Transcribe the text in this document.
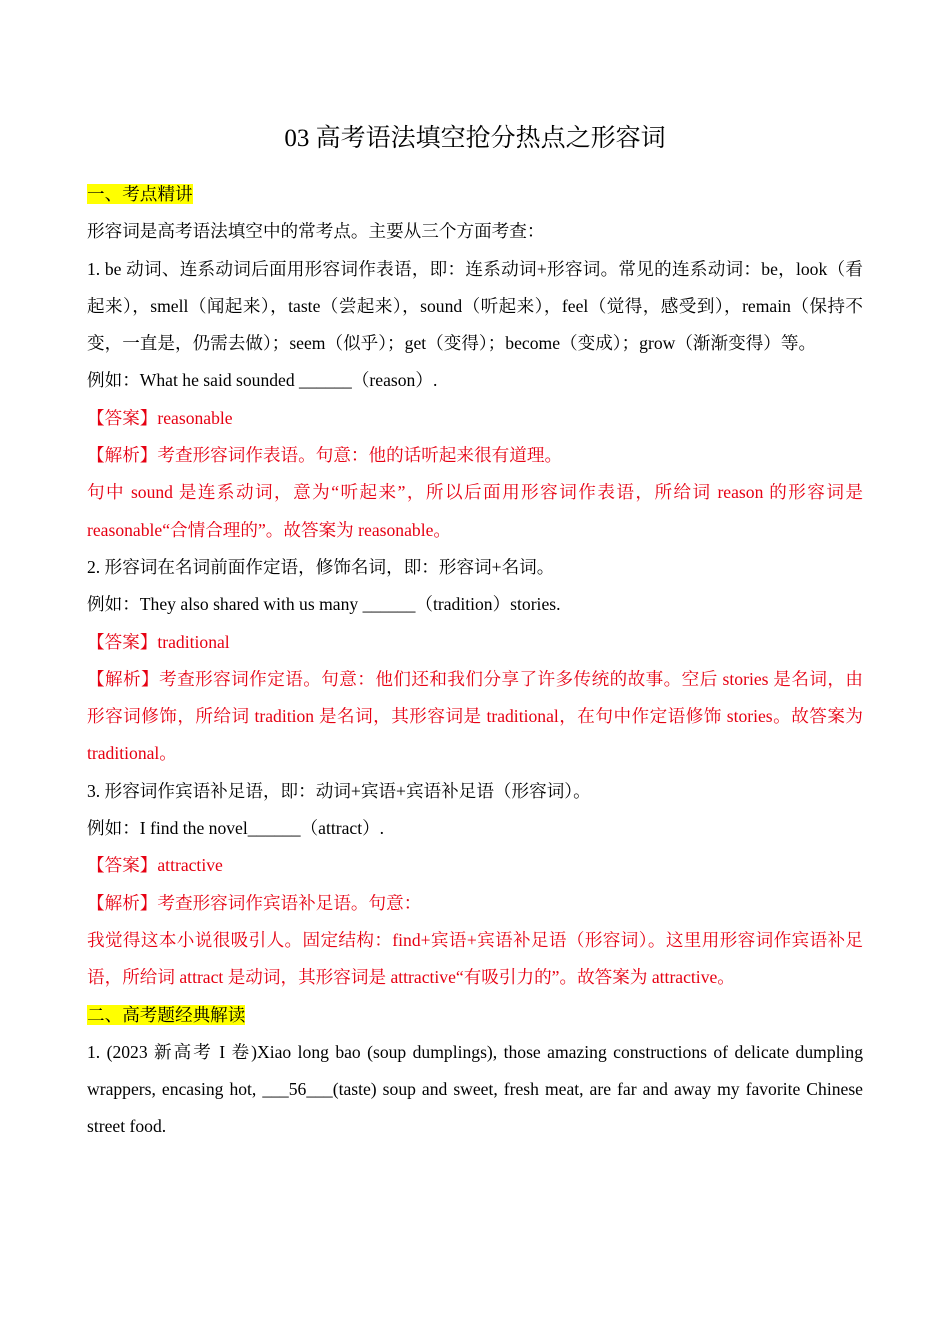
03 高考语法填空抢分热点之形容词

一、考点精讲

形容词是高考语法填空中的常考点。主要从三个方面考查：

1. be 动词、连系动词后面用形容词作表语，即：连系动词+形容词。常见的连系动词：be，look（看起来），smell（闻起来），taste（尝起来），sound（听起来），feel（觉得，感受到），remain（保持不变，一直是，仍需去做）；seem（似乎）；get（变得）；become（变成）；grow（渐渐变得）等。

例如：What he said sounded ______（reason）.

【答案】reasonable

【解析】考查形容词作表语。句意：他的话听起来很有道理。

句中 sound 是连系动词，意为“听起来”，所以后面用形容词作表语，所给词 reason 的形容词是 reasonable“合情合理的”。故答案为 reasonable。

2. 形容词在名词前面作定语，修饰名词，即：形容词+名词。

例如：They also shared with us many ______（tradition）stories.

【答案】traditional

【解析】考查形容词作定语。句意：他们还和我们分享了许多传统的故事。空后 stories 是名词，由形容词修饰，所给词 tradition 是名词，其形容词是 traditional，在句中作定语修饰 stories。故答案为 traditional。

3. 形容词作宾语补足语，即：动词+宾语+宾语补足语（形容词）。

例如：I find the novel______（attract）.

【答案】attractive

【解析】考查形容词作宾语补足语。句意：

我觉得这本小说很吸引人。固定结构：find+宾语+宾语补足语（形容词）。这里用形容词作宾语补足语，所给词 attract 是动词，其形容词是 attractive“有吸引力的”。故答案为 attractive。

二、高考题经典解读

1. (2023 新高考 I 卷)Xiao long bao (soup dumplings), those amazing constructions of delicate dumpling wrappers, encasing hot, ___56___(taste) soup and sweet, fresh meat, are far and away my favorite Chinese street food.
